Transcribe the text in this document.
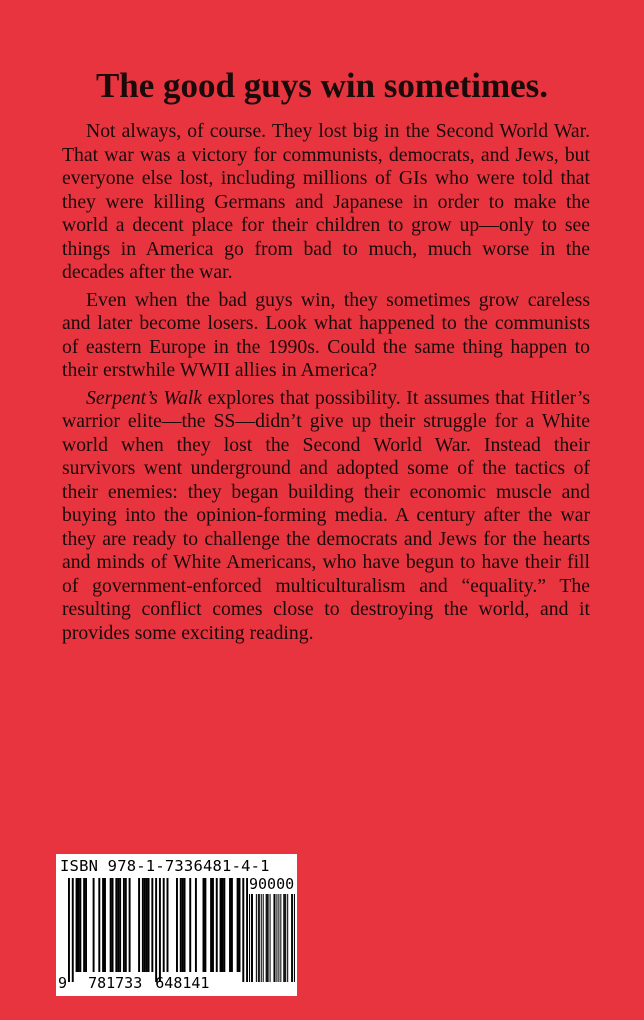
The good guys win sometimes.

Not always, of course. They lost big in the Second World War. That war was a victory for communists, democrats, and Jews, but everyone else lost, including millions of GIs who were told that they were killing Germans and Japanese in order to make the world a decent place for their children to grow up—only to see things in America go from bad to much, much worse in the decades after the war.

Even when the bad guys win, they sometimes grow careless and later become losers. Look what happened to the communists of eastern Europe in the 1990s. Could the same thing happen to their erstwhile WWII allies in America?

Serpent’s Walk explores that possibility. It assumes that Hitler’s warrior elite—the SS—didn’t give up their struggle for a White world when they lost the Second World War. Instead their survivors went underground and adopted some of the tactics of their enemies: they began building their economic muscle and buying into the opinion-forming media. A century after the war they are ready to challenge the democrats and Jews for the hearts and minds of White Americans, who have begun to have their fill of government-enforced multiculturalism and “equality.” The resulting conflict comes close to destroying the world, and it provides some exciting reading.

ISBN 978-1-7336481-4-1
90000
9 781733 648141
